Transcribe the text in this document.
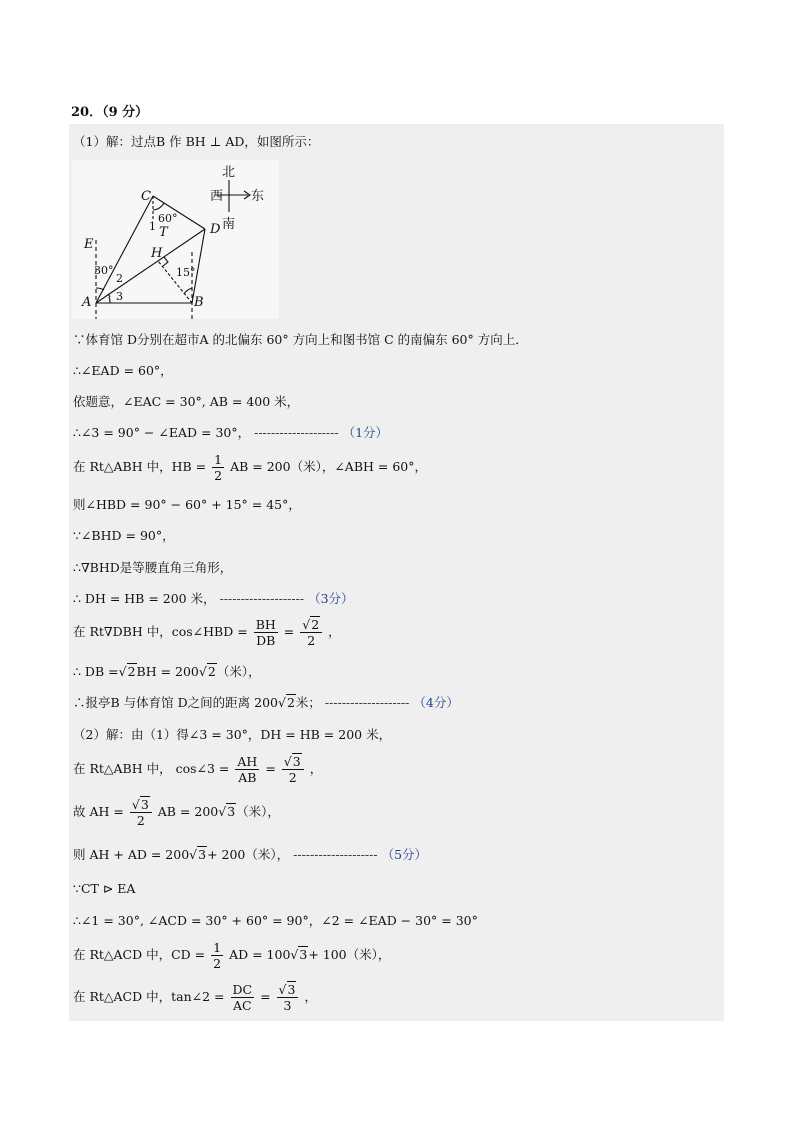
20．（9 分）
（1）解：过点B 作 BH ⊥ AD，如图所示：
C
D
E
H
A	B
T
60°
1
30°
2
3
15°
北
西 东
南
∵体育馆 D分别在超市A 的北偏东 60° 方向上和图书馆 C 的南偏东 60° 方向上．
∴∠EAD = 60°，
依题意，∠EAC = 30°, AB = 400 米，
∴∠3 = 90° − ∠EAD = 30°， -------------------- （1分）
在 Rt△ABH 中，HB = $\frac{1}{2}$ AB = 200（米），∠ABH = 60°，
则∠HBD = 90° − 60° + 15° = 45°，
∵∠BHD = 90°，
∴∇BHD是等腰直角三角形，
∴ DH = HB = 200 米， -------------------- （3分）
在 Rt∇DBH 中，cos∠HBD = $\frac{BH}{DB} = \frac{√2}{2}$ ，
∴ DB =√2BH = 200√2（米），
∴报亭B 与体育馆 D之间的距离 200√2米； -------------------- （4分）
（2）解：由（1）得∠3 = 30°，DH = HB = 200 米，
在 Rt△ABH 中， cos∠3 = $\frac{AH}{AB} = \frac{√3}{2}$ ，
故 AH = $\frac{√3}{2}$ AB = 200√3（米），
则 AH + AD = 200√3+ 200（米）， -------------------- （5分）
∵CT ⊳ EA
∴∠1 = 30°, ∠ACD = 30° + 60° = 90°，∠2 = ∠EAD − 30° = 30°
在 Rt△ACD 中，CD = $\frac{1}{2}$ AD = 100√3+ 100（米），
在 Rt△ACD 中，tan∠2 = $\frac{DC}{AC} = \frac{√3}{3}$ ，
